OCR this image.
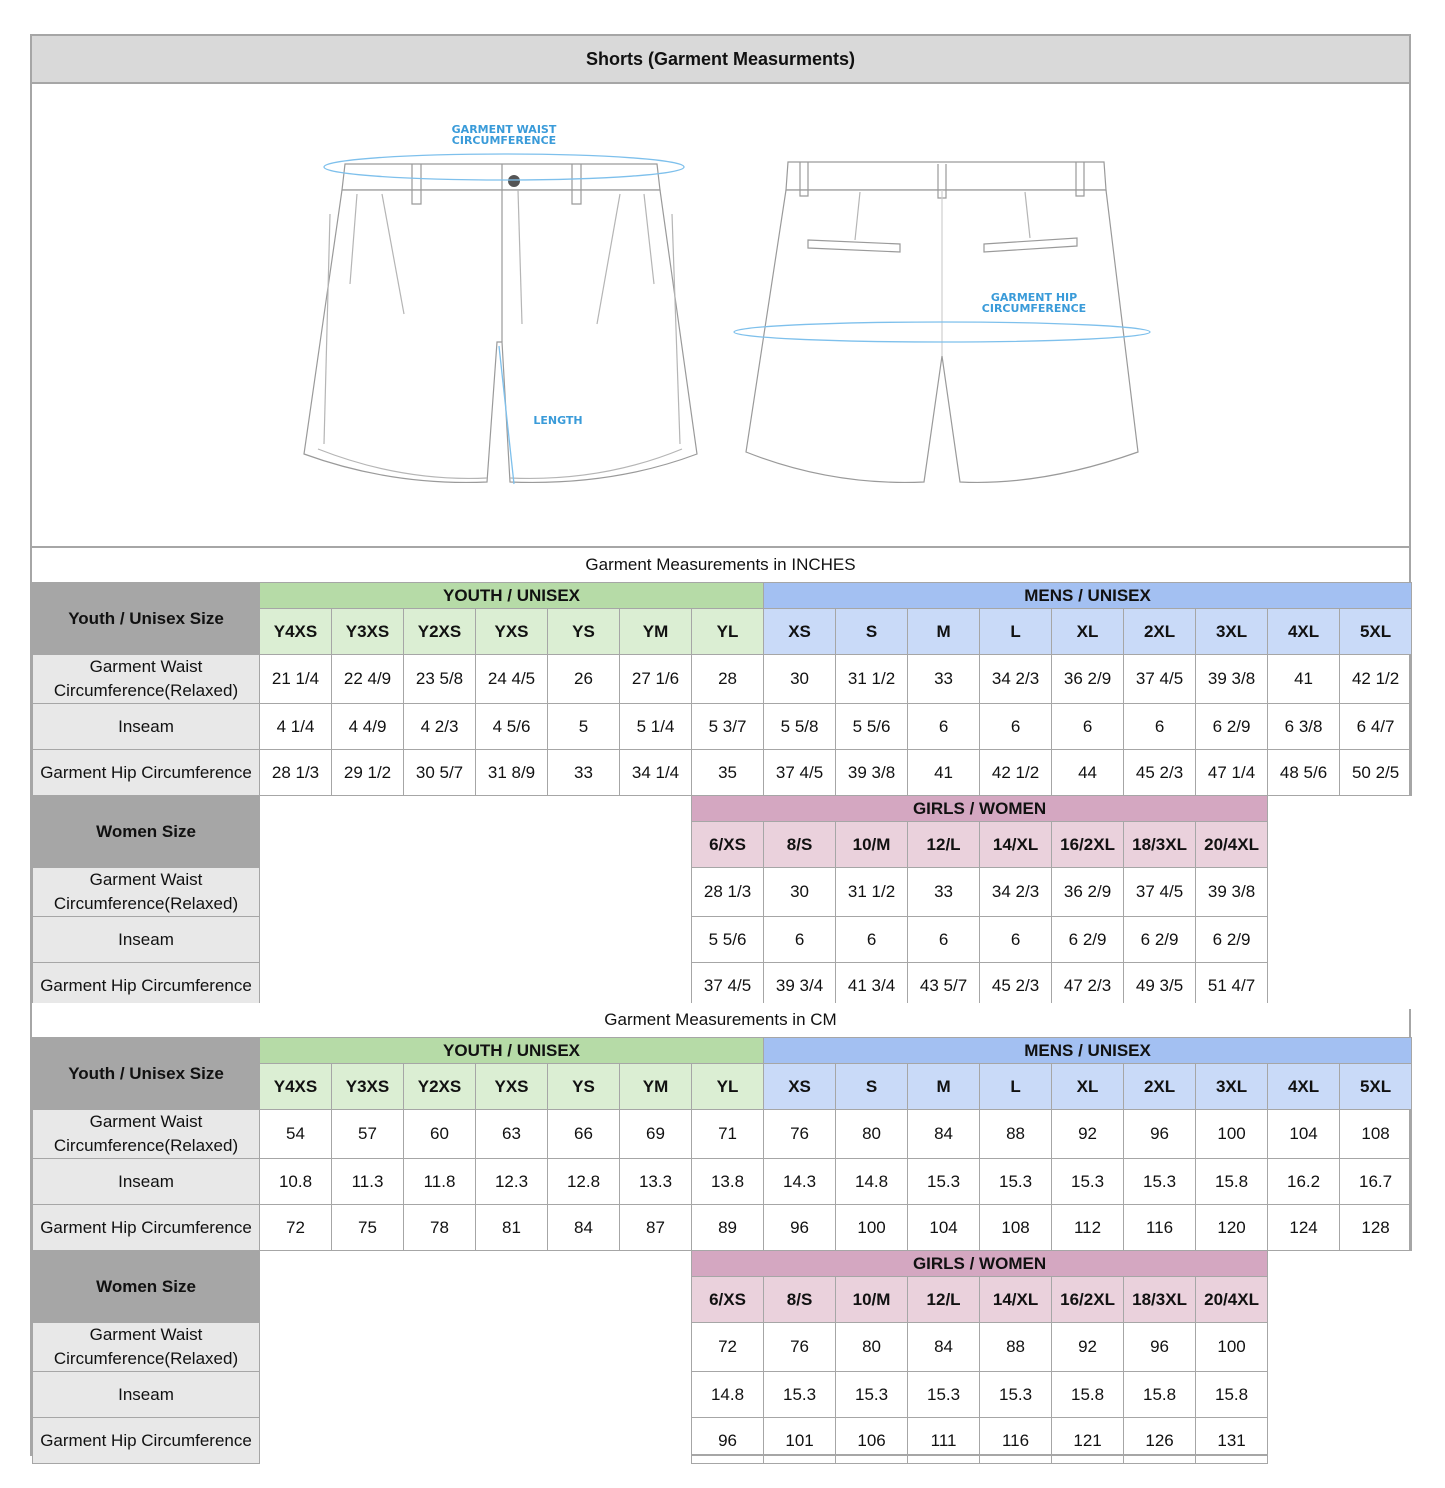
Shorts (Garment Measurments)
GARMENT WAIST
CIRCUMFERENCE
GARMENT HIP
CIRCUMFERENCE
LENGTH
Garment Measurements in INCHES
Youth / Unisex Size	YOUTH / UNISEX							MENS / UNISEX								
	Y4XS	Y3XS	Y2XS	YXS	YS	YM	YL	XS	S	M	L	XL	2XL	3XL	4XL	5XL
Garment Waist Circumference(Relaxed)	21 1/4	22 4/9	23 5/8	24 4/5	26	27 1/6	28	30	31 1/2	33	34 2/3	36 2/9	37 4/5	39 3/8	41	42 1/2
Inseam	4 1/4	4 4/9	4 2/3	4 5/6	5	5 1/4	5 3/7	5 5/8	5 5/6	6	6	6	6	6 2/9	6 3/8	6 4/7
Garment Hip Circumference	28 1/3	29 1/2	30 5/7	31 8/9	33	34 1/4	35	37 4/5	39 3/8	41	42 1/2	44	45 2/3	47 1/4	48 5/6	50 2/5
Women Size							GIRLS / WOMEN									
							6/XS	8/S	10/M	12/L	14/XL	16/2XL	18/3XL	20/4XL		
Garment Waist Circumference(Relaxed)							28 1/3	30	31 1/2	33	34 2/3	36 2/9	37 4/5	39 3/8		
Inseam							5 5/6	6	6	6	6	6 2/9	6 2/9	6 2/9		
Garment Hip Circumference							37 4/5	39 3/4	41 3/4	43 5/7	45 2/3	47 2/3	49 3/5	51 4/7		
Garment Measurements in CM
Youth / Unisex Size	YOUTH / UNISEX							MENS / UNISEX								
	Y4XS	Y3XS	Y2XS	YXS	YS	YM	YL	XS	S	M	L	XL	2XL	3XL	4XL	5XL
Garment Waist Circumference(Relaxed)	54	57	60	63	66	69	71	76	80	84	88	92	96	100	104	108
Inseam	10.8	11.3	11.8	12.3	12.8	13.3	13.8	14.3	14.8	15.3	15.3	15.3	15.3	15.8	16.2	16.7
Garment Hip Circumference	72	75	78	81	84	87	89	96	100	104	108	112	116	120	124	128
Women Size							GIRLS / WOMEN									
							6/XS	8/S	10/M	12/L	14/XL	16/2XL	18/3XL	20/4XL		
Garment Waist Circumference(Relaxed)							72	76	80	84	88	92	96	100		
Inseam							14.8	15.3	15.3	15.3	15.3	15.8	15.8	15.8		
Garment Hip Circumference							96	101	106	111	116	121	126	131		
